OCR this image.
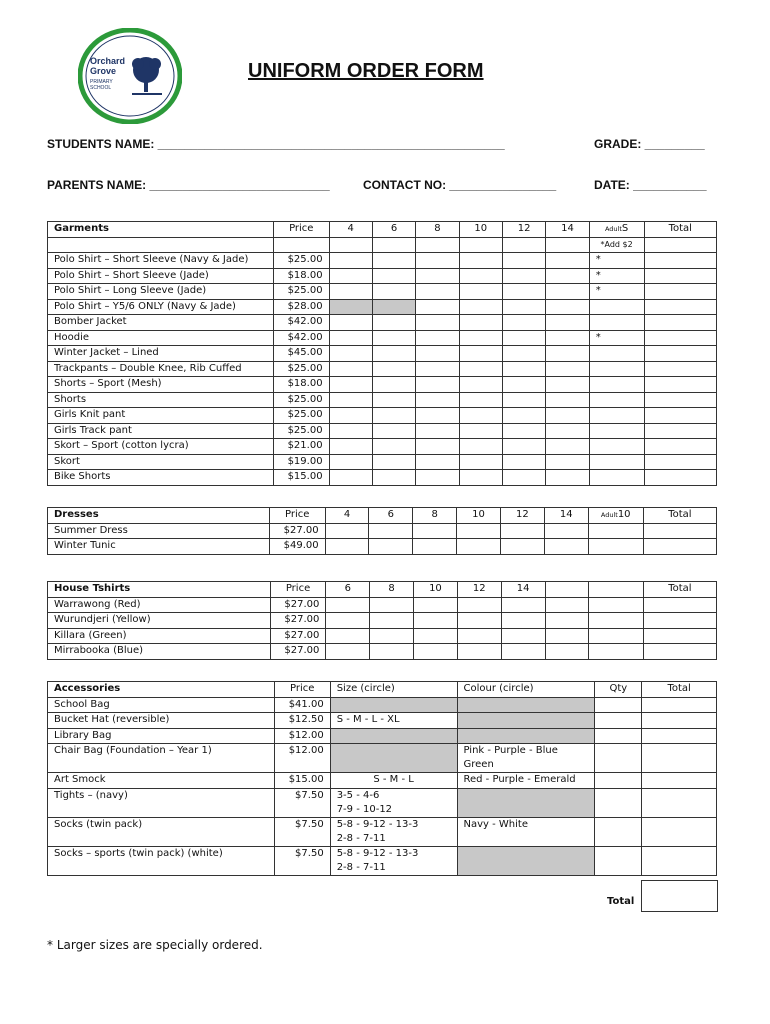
Orchard
Grove
PRIMARY
SCHOOL
UNIFORM ORDER FORM
STUDENTS NAME: ____________________________________________________	GRADE: _________
PARENTS NAME: ___________________________	CONTACT NO: ________________	DATE: ___________
Garments	Price	4	6	8	10	12	14	AdultS	Total
								*Add $2	
Polo Shirt – Short Sleeve (Navy & Jade)	$25.00							*	
Polo Shirt – Short Sleeve (Jade)	$18.00							*	
Polo Shirt – Long Sleeve (Jade)	$25.00							*	
Polo Shirt – Y5/6 ONLY (Navy & Jade)	$28.00								
Bomber Jacket	$42.00								
Hoodie	$42.00							*	
Winter Jacket – Lined	$45.00								
Trackpants – Double Knee, Rib Cuffed	$25.00								
Shorts – Sport (Mesh)	$18.00								
Shorts	$25.00								
Girls Knit pant	$25.00								
Girls Track pant	$25.00								
Skort – Sport (cotton lycra)	$21.00								
Skort	$19.00								
Bike Shorts	$15.00								
Dresses	Price	4	6	8	10	12	14	Adult10	Total
Summer Dress	$27.00								
Winter Tunic	$49.00								
House Tshirts	Price	6	8	10	12	14			Total
Warrawong (Red)	$27.00								
Wurundjeri (Yellow)	$27.00								
Killara (Green)	$27.00								
Mirrabooka (Blue)	$27.00								
Accessories	Price	Size (circle)	Colour (circle)	Qty	Total
School Bag	$41.00				
Bucket Hat (reversible)	$12.50	S - M - L - XL			
Library Bag	$12.00				
Chair Bag (Foundation – Year 1)	$12.00		Pink - Purple - Blue
Green		
Art Smock	$15.00	S - M - L	Red - Purple - Emerald		
Tights – (navy)	$7.50	3-5 - 4-6
7-9 - 10-12			
Socks (twin pack)	$7.50	5-8 - 9-12 - 13-3
2-8 - 7-11	Navy - White		
Socks – sports (twin pack) (white)	$7.50	5-8 - 9-12 - 13-3
2-8 - 7-11			
Total
* Larger sizes are specially ordered.
